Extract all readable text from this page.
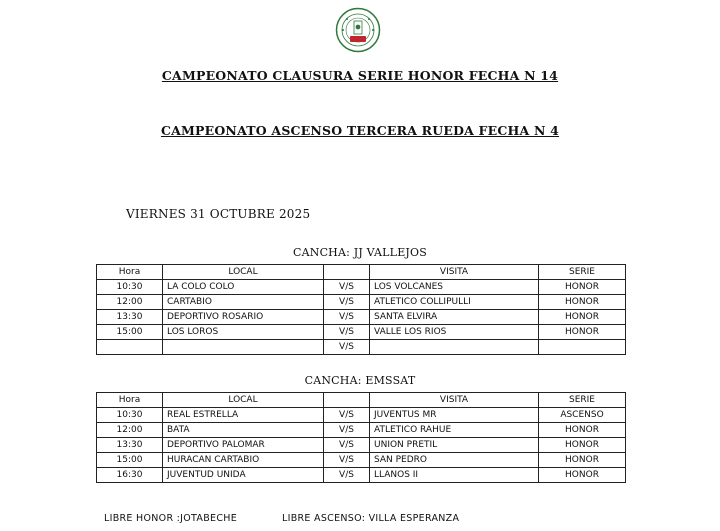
CAMPEONATO CLAUSURA SERIE HONOR FECHA N 14
CAMPEONATO ASCENSO TERCERA RUEDA FECHA N 4
VIERNES 31 OCTUBRE 2025
CANCHA: JJ VALLEJOS
Hora	LOCAL		VISITA	SERIE
10:30	LA COLO COLO	V/S	LOS VOLCANES	HONOR
12:00	CARTABIO	V/S	ATLETICO COLLIPULLI	HONOR
13:30	DEPORTIVO ROSARIO	V/S	SANTA ELVIRA	HONOR
15:00	LOS LOROS	V/S	VALLE LOS RIOS	HONOR
		V/S		
CANCHA: EMSSAT
Hora	LOCAL		VISITA	SERIE
10:30	REAL ESTRELLA	V/S	JUVENTUS MR	ASCENSO
12:00	BATA	V/S	ATLETICO RAHUE	HONOR
13:30	DEPORTIVO PALOMAR	V/S	UNION PRETIL	HONOR
15:00	HURACAN CARTABIO	V/S	SAN PEDRO	HONOR
16:30	JUVENTUD UNIDA	V/S	LLANOS II	HONOR
LIBRE HONOR :JOTABECHE	LIBRE ASCENSO: VILLA ESPERANZA
